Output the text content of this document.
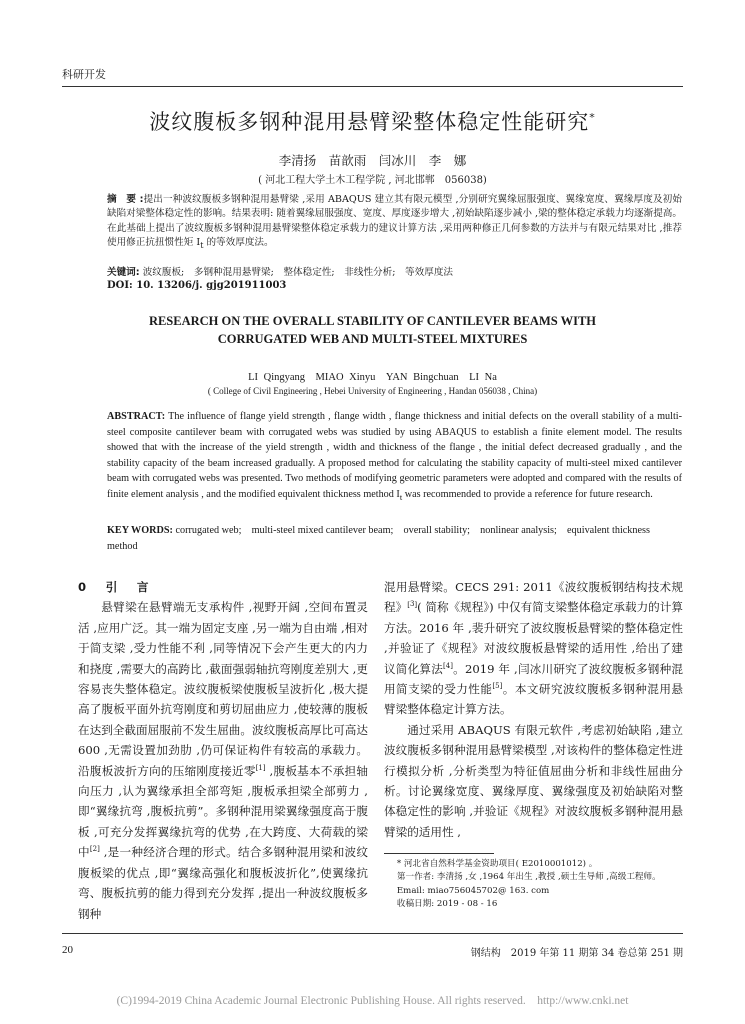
科研开发
波纹腹板多钢种混用悬臂梁整体稳定性能研究*
李清扬　苗歆雨　闫冰川　李　娜
( 河北工程大学土木工程学院 , 河北邯郸　056038)
摘　要 :提出一种波纹腹板多钢种混用悬臂梁 ,采用 ABAQUS 建立其有限元模型 ,分别研究翼缘屈服强度、翼缘宽度、翼缘厚度及初始缺陷对梁整体稳定性的影响。结果表明: 随着翼缘屈服强度、宽度、厚度逐步增大 ,初始缺陷逐步减小 ,梁的整体稳定承载力均逐渐提高。在此基础上提出了波纹腹板多钢种混用悬臂梁整体稳定承载力的建议计算方法 ,采用两种修正几何参数的方法并与有限元结果对比 ,推荐使用修正抗扭惯性矩 $I_t$ 的等效厚度法。
关键词: 波纹腹板;　多钢种混用悬臂梁;　整体稳定性;　非线性分析;　等效厚度法
DOI: 10. 13206/j. gjg201911003
RESEARCH ON THE OVERALL STABILITY OF CANTILEVER BEAMS WITH
CORRUGATED WEB AND MULTI-STEEL MIXTURES
LI Qingyang　MIAO Xinyu　YAN Bingchuan　LI Na
( College of Civil Engineering , Hebei University of Engineering , Handan 056038 , China)
ABSTRACT: The influence of flange yield strength , flange width , flange thickness and initial defects on the overall stability of a multi-steel composite cantilever beam with corrugated webs was studied by using ABAQUS to establish a finite element model. The results showed that with the increase of the yield strength , width and thickness of the flange , the initial defect decreased gradually , and the stability capacity of the beam increased gradually. A proposed method for calculating the stability capacity of multi-steel mixed cantilever beam with corrugated webs was presented. Two methods of modifying geometric parameters were adopted and compared with the results of finite element analysis , and the modified equivalent thickness method $I_t$ was recommended to provide a reference for future research.
KEY WORDS: corrugated web;　multi-steel mixed cantilever beam;　overall stability;　nonlinear analysis;　equivalent thickness method

0　 引　言

悬臂梁在悬臂端无支承构件 ,视野开阔 ,空间布置灵活 ,应用广泛。其一端为固定支座 ,另一端为自由端 ,相对于简支梁 ,受力性能不利 ,同等情况下会产生更大的内力和挠度 ,需要大的高跨比 ,截面强弱轴抗弯刚度差别大 ,更容易丧失整体稳定。波纹腹板梁使腹板呈波折化 ,极大提高了腹板平面外抗弯刚度和剪切屈曲应力 ,使较薄的腹板在达到全截面屈服前不发生屈曲。波纹腹板高厚比可高达 600 ,无需设置加劲肋 ,仍可保证构件有较高的承载力。沿腹板波折方向的压缩刚度接近零 [ $^1$ ] ,腹板基本不承担轴向压力 ,认为翼缘承担全部弯矩 ,腹板承担梁全部剪力 ,即“翼缘抗弯 ,腹板抗剪”。多钢种混用梁翼缘强度高于腹板 ,可充分发挥翼缘抗弯的优势 ,在大跨度、大荷载的梁中 [ $^2$ ] ,是一种经济合理的形式。结合多钢种混用梁和波纹腹板梁的优点 ,即“翼缘高强化和腹板波折化”,使翼缘抗弯、腹板抗剪的能力得到充分发挥 ,提出一种波纹腹板多钢种

混用悬臂梁。CECS 291: 2011《波纹腹板钢结构技术规程》 [ $^3$ ] ( 简称《规程》) 中仅有简支梁整体稳定承载力的计算方法。2016 年 ,裴升研究了波纹腹板悬臂梁的整体稳定性 ,并验证了《规程》对波纹腹板悬臂梁的适用性 ,给出了建议简化算法 [ $^4$ ] 。2019 年 ,闫冰川研究了波纹腹板多钢种混用简支梁的受力性能 [ $^5$ ] 。本文研究波纹腹板多钢种混用悬臂梁整体稳定计算方法。

通过采用 ABAQUS 有限元软件 ,考虑初始缺陷 ,建立波纹腹板多钢种混用悬臂梁模型 ,对该构件的整体稳定性进行模拟分析 ,分析类型为特征值屈曲分析和非线性屈曲分析。讨论翼缘宽度、翼缘厚度、翼缘强度及初始缺陷对整体稳定性的影响 ,并验证《规程》对波纹腹板多钢种混用悬臂梁的适用性 ,

* 河北省自然科学基金资助项目( E2010001012) 。

第一作者: 李清扬 ,女 ,1964 年出生 ,教授 ,硕士生导师 ,高级工程师。

Email: miao756045702@ 163. com

收稿日期: 2019 - 08 - 16

20	钢结构　2019 年第 11 期第 34 卷总第 251 期
(C)1994-2019 China Academic Journal Electronic Publishing House. All rights reserved.　http://www.cnki.net
